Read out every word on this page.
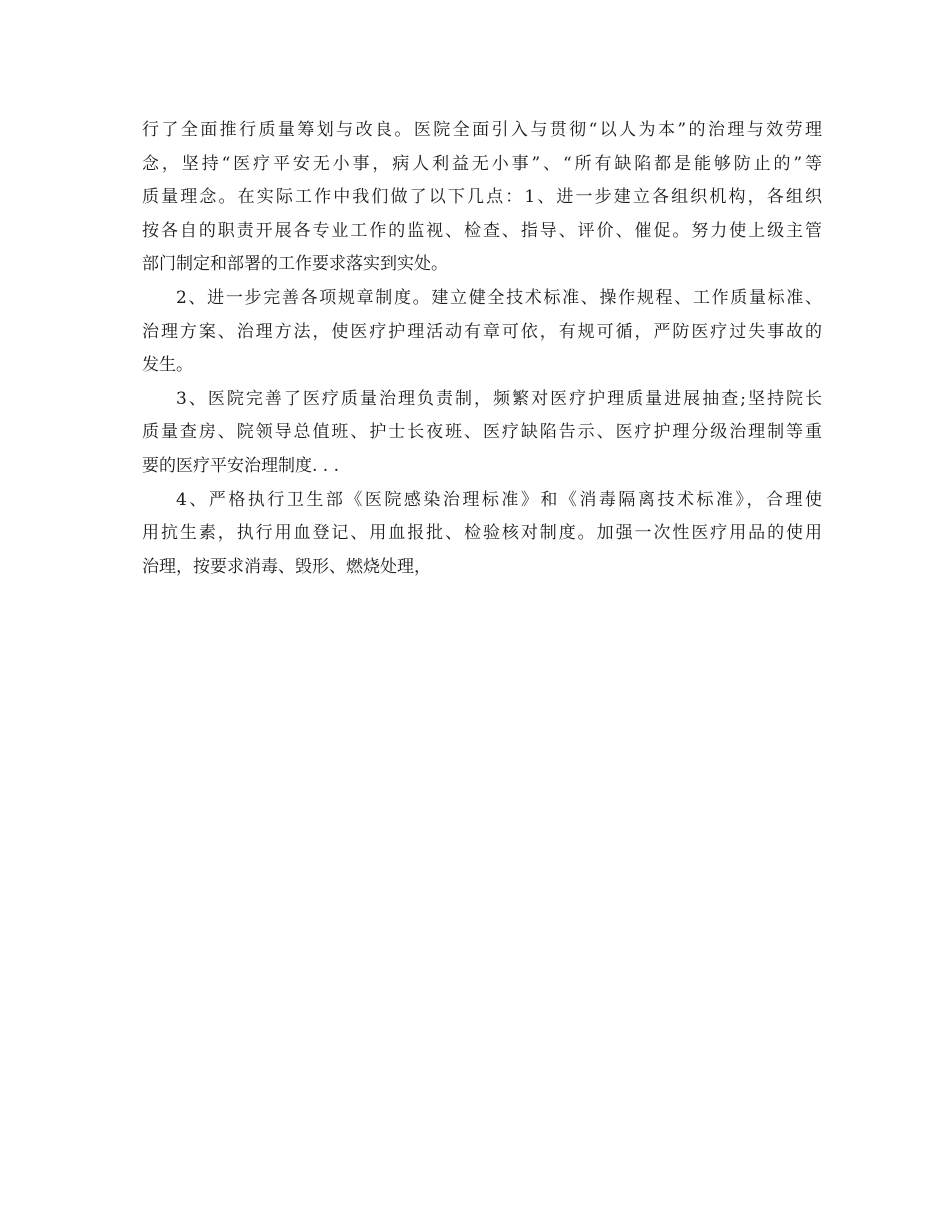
行了全面推行质量筹划与改良。医院全面引入与贯彻“以人为本”的治理与效劳理
念，坚持“医疗平安无小事，病人利益无小事”、“所有缺陷都是能够防止的”等
质量理念。在实际工作中我们做了以下几点：1、进一步建立各组织机构，各组织
按各自的职责开展各专业工作的监视、检查、指导、评价、催促。努力使上级主管
部门制定和部署的工作要求落实到实处。
2、进一步完善各项规章制度。建立健全技术标准、操作规程、工作质量标准、
治理方案、治理方法，使医疗护理活动有章可依，有规可循，严防医疗过失事故的
发生。
3、医院完善了医疗质量治理负责制，频繁对医疗护理质量进展抽查;坚持院长
质量查房、院领导总值班、护士长夜班、医疗缺陷告示、医疗护理分级治理制等重
要的医疗平安治理制度. . .
4、严格执行卫生部《医院感染治理标准》和《消毒隔离技术标准》，合理使
用抗生素，执行用血登记、用血报批、检验核对制度。加强一次性医疗用品的使用
治理，按要求消毒、毁形、燃烧处理，
